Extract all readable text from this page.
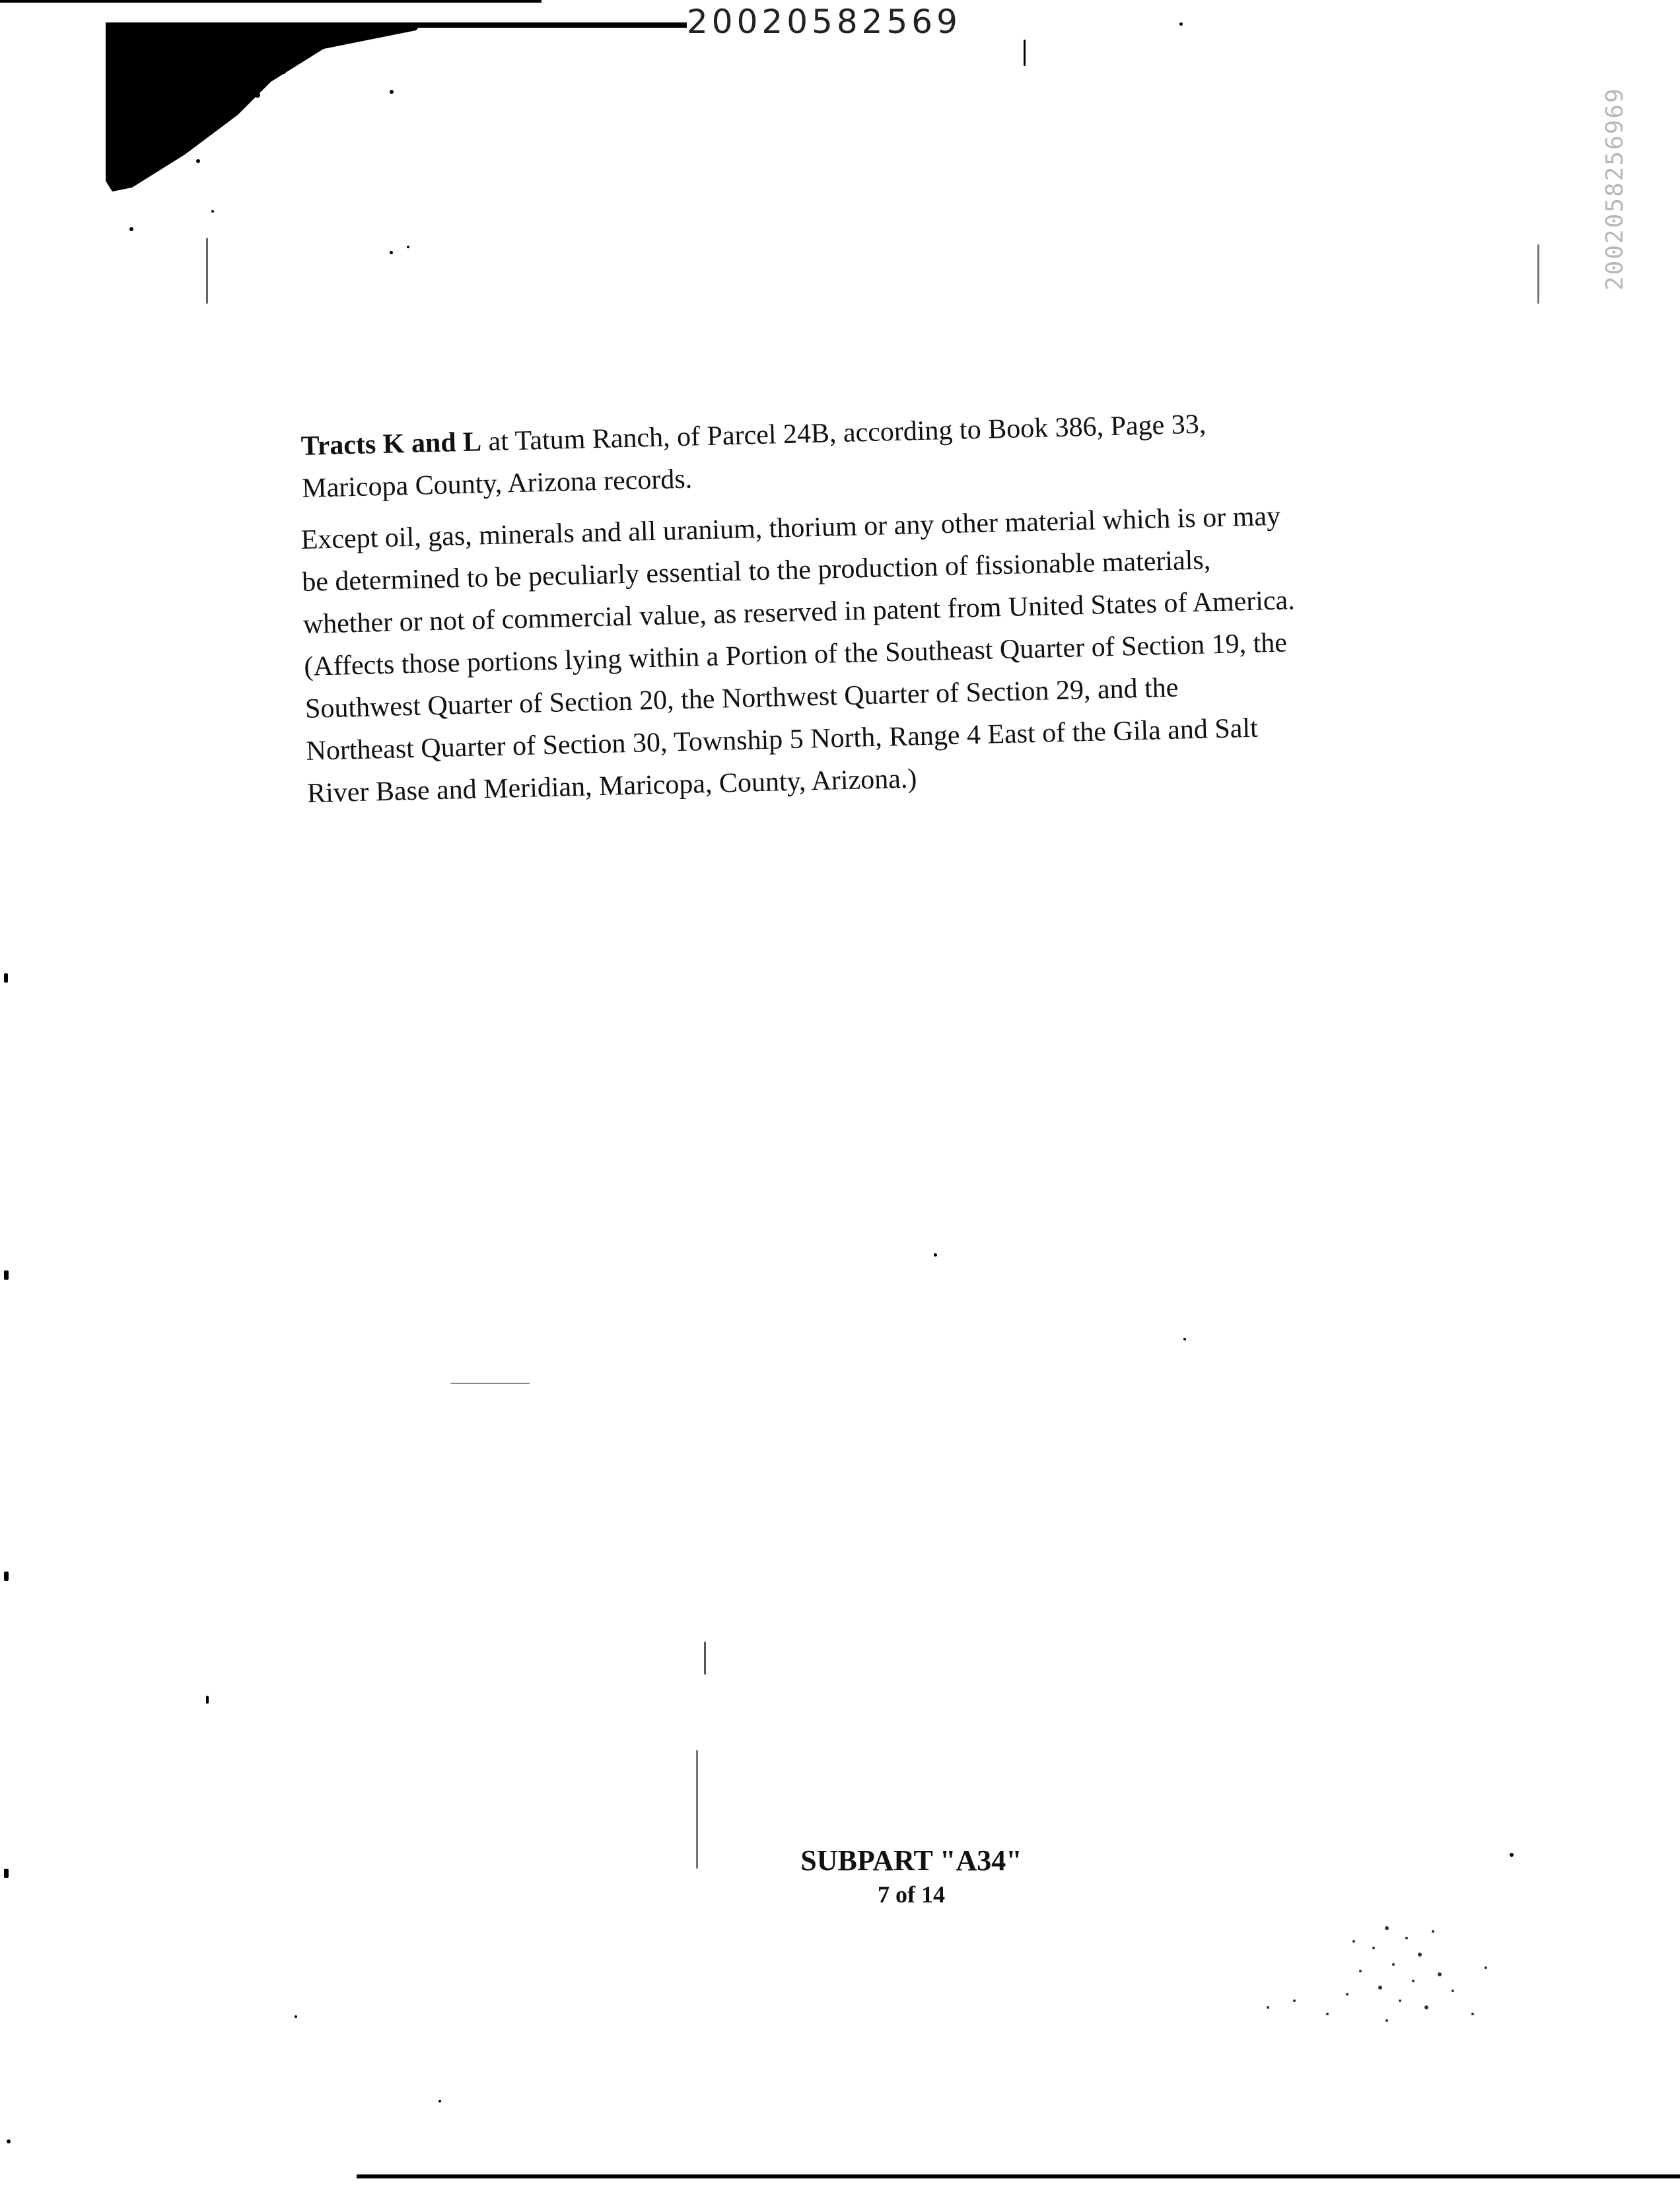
20020582569
2002058256969
Tracts K and L at Tatum Ranch, of Parcel 24B, according to Book 386, Page 33,
Maricopa County, Arizona records.
Except oil, gas, minerals and all uranium, thorium or any other material which is or may
be determined to be peculiarly essential to the production of fissionable materials,
whether or not of commercial value, as reserved in patent from United States of America.
(Affects those portions lying within a Portion of the Southeast Quarter of Section 19, the
Southwest Quarter of Section 20, the Northwest Quarter of Section 29, and the
Northeast Quarter of Section 30, Township 5 North, Range 4 East of the Gila and Salt
River Base and Meridian, Maricopa, County, Arizona.)
SUBPART "A34"
7 of 14
